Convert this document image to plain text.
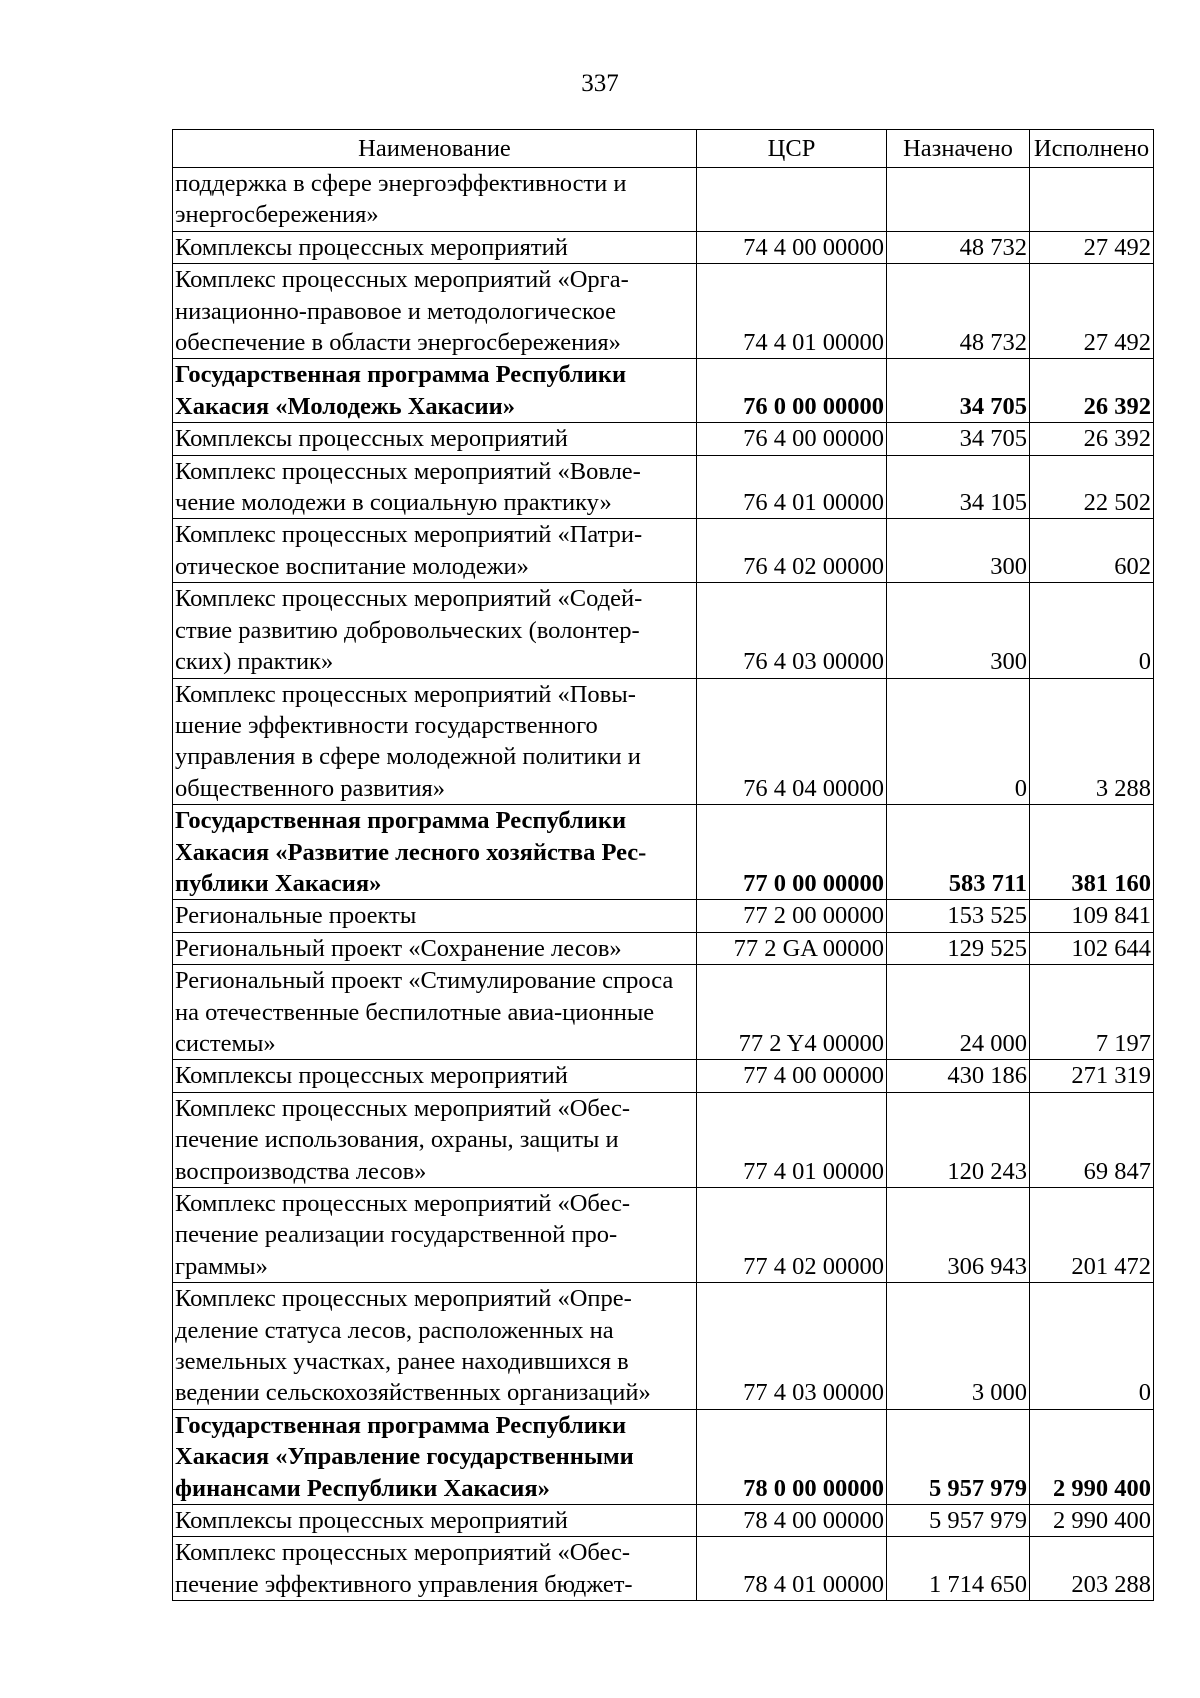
337
Наименование	ЦСР	Назначено	Исполнено
поддержка в сфере энергоэффективности и энергосбережения»			
Комплексы процессных мероприятий	74 4 00 00000	48 732	27 492
Комплекс процессных мероприятий «Орга-низационно-правовое и методологическое обеспечение в области энергосбережения»	74 4 01 00000	48 732	27 492
Государственная программа Республики Хакасия «Молодежь Хакасии»	76 0 00 00000	34 705	26 392
Комплексы процессных мероприятий	76 4 00 00000	34 705	26 392
Комплекс процессных мероприятий «Вовле-чение молодежи в социальную практику»	76 4 01 00000	34 105	22 502
Комплекс процессных мероприятий «Патри-отическое воспитание молодежи»	76 4 02 00000	300	602
Комплекс процессных мероприятий «Содей-ствие развитию добровольческих (волонтер-ских) практик»	76 4 03 00000	300	0
Комплекс процессных мероприятий «Повы-шение эффективности государственного управления в сфере молодежной политики и общественного развития»	76 4 04 00000	0	3 288
Государственная программа Республики Хакасия «Развитие лесного хозяйства Рес-публики Хакасия»	77 0 00 00000	583 711	381 160
Региональные проекты	77 2 00 00000	153 525	109 841
Региональный проект «Сохранение лесов»	77 2 GA 00000	129 525	102 644
Региональный проект «Стимулирование спроса на отечественные беспилотные авиа-ционные системы»	77 2 Y4 00000	24 000	7 197
Комплексы процессных мероприятий	77 4 00 00000	430 186	271 319
Комплекс процессных мероприятий «Обес-печение использования, охраны, защиты и воспроизводства лесов»	77 4 01 00000	120 243	69 847
Комплекс процессных мероприятий «Обес-печение реализации государственной про-граммы»	77 4 02 00000	306 943	201 472
Комплекс процессных мероприятий «Опре-деление статуса лесов, расположенных на земельных участках, ранее находившихся в ведении сельскохозяйственных организаций»	77 4 03 00000	3 000	0
Государственная программа Республики Хакасия «Управление государственными финансами Республики Хакасия»	78 0 00 00000	5 957 979	2 990 400
Комплексы процессных мероприятий	78 4 00 00000	5 957 979	2 990 400
Комплекс процессных мероприятий «Обес-печение эффективного управления бюджет-	78 4 01 00000	1 714 650	203 288
